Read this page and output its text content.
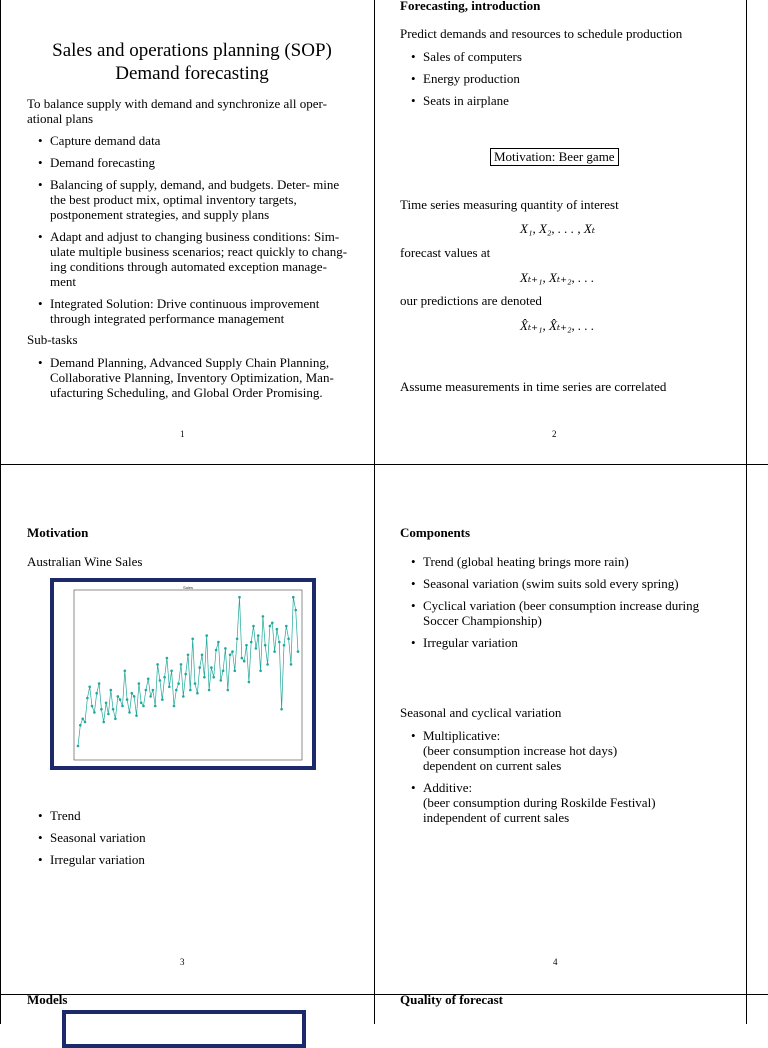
Sales and operations planning (SOP)
Demand forecasting
To balance supply with demand and synchronize all oper- ational plans
• Capture demand data
• Demand forecasting
• Balancing of supply, demand, and budgets. Deter- mine the best product mix, optimal inventory targets, postponement strategies, and supply plans
• Adapt and adjust to changing business conditions: Sim- ulate multiple business scenarios; react quickly to chang- ing conditions through automated exception manage- ment
• Integrated Solution: Drive continuous improvement through integrated performance management
Sub-tasks
• Demand Planning, Advanced Supply Chain Planning, Collaborative Planning, Inventory Optimization, Man- ufacturing Scheduling, and Global Order Promising.
1
Forecasting, introduction
Predict demands and resources to schedule production
• Sales of computers
• Energy production
• Seats in airplane
Motivation: Beer game
Time series measuring quantity of interest
X₁, X₂, . . . , Xₜ
forecast values at
Xₜ₊₁, Xₜ₊₂, . . .
our predictions are denoted
X̂ₜ₊₁, X̂ₜ₊₂, . . .
Assume measurements in time series are correlated
2
Motivation
Australian Wine Sales
Sales
• Trend
• Seasonal variation
• Irregular variation
3
Components
• Trend (global heating brings more rain)
• Seasonal variation (swim suits sold every spring)
• Cyclical variation (beer consumption increase during Soccer Championship)
• Irregular variation
Seasonal and cyclical variation
• Multiplicative:
(beer consumption increase hot days)
dependent on current sales
• Additive:
(beer consumption during Roskilde Festival)
independent of current sales
4
Models	Quality of forecast
